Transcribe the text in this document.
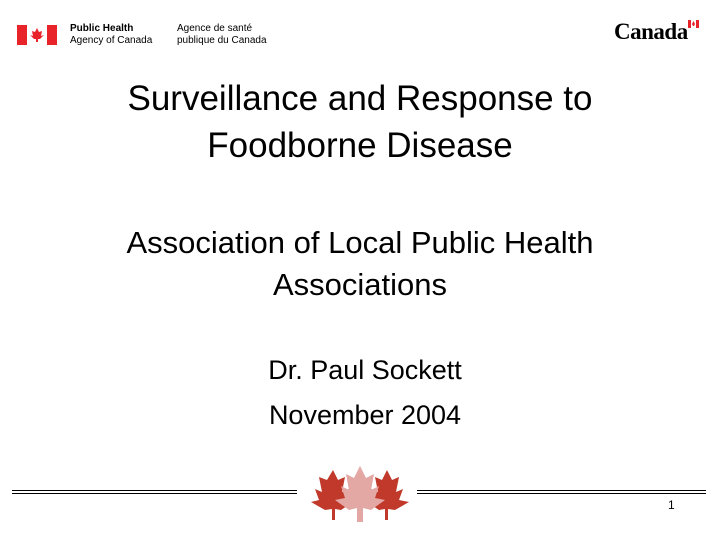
Public Health
Agency of Canada
Agence de santé
publique du Canada	Canada
Surveillance and Response to
Foodborne Disease
Association of Local Public Health
Associations
Dr. Paul Sockett
November 2004
1
